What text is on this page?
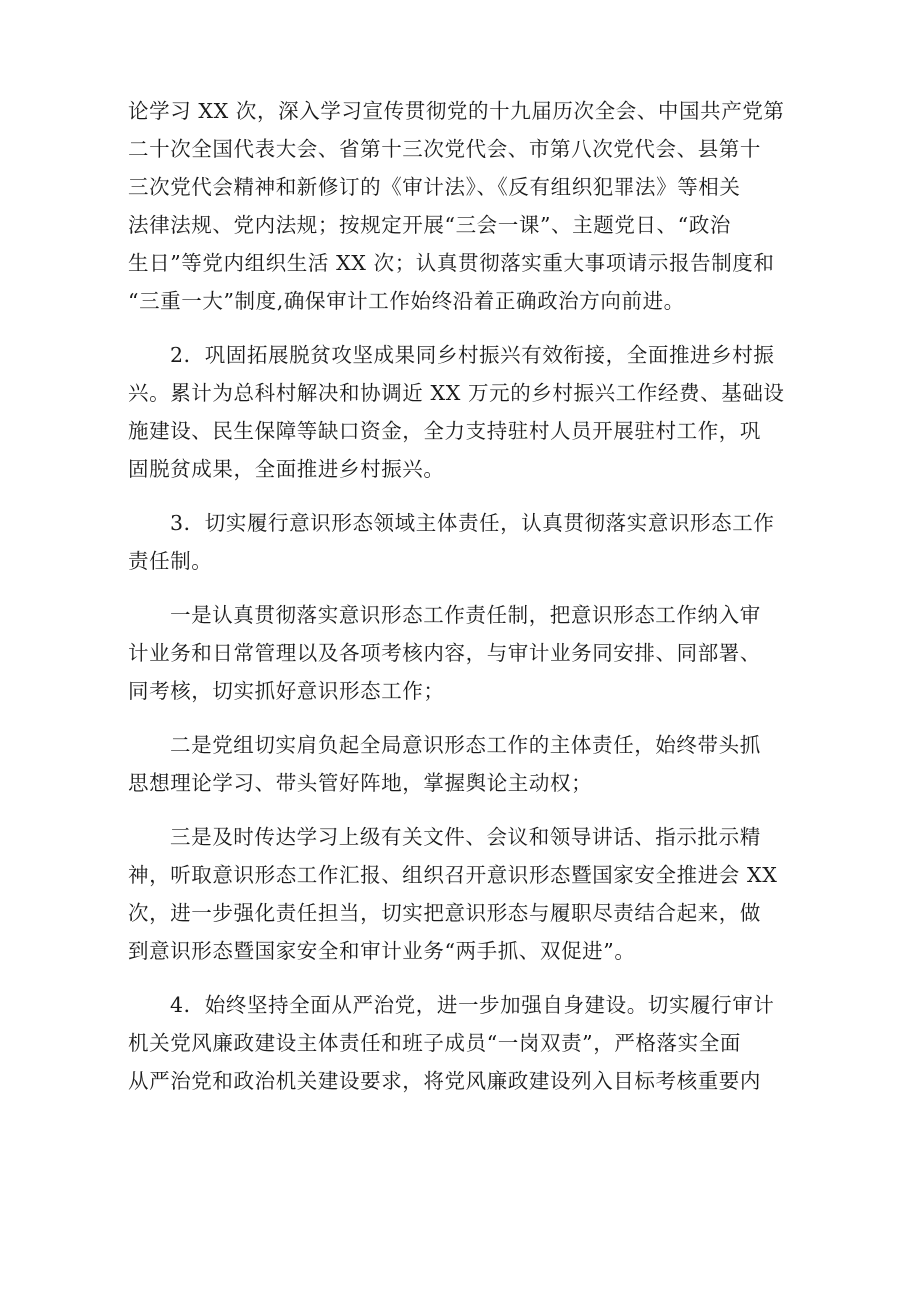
论学习 XX 次，深入学习宣传贯彻党的十九届历次全会、中国共产党第
二十次全国代表大会、省第十三次党代会、市第八次党代会、县第十
三次党代会精神和新修订的《审计法》、《反有组织犯罪法》等相关
法律法规、党内法规；按规定开展“三会一课”、主题党日、“政治
生日”等党内组织生活 XX 次；认真贯彻落实重大事项请示报告制度和
“三重一大”制度,确保审计工作始终沿着正确政治方向前进。
2．巩固拓展脱贫攻坚成果同乡村振兴有效衔接，全面推进乡村振
兴。累计为总科村解决和协调近 XX 万元的乡村振兴工作经费、基础设
施建设、民生保障等缺口资金，全力支持驻村人员开展驻村工作，巩
固脱贫成果，全面推进乡村振兴。
3．切实履行意识形态领域主体责任，认真贯彻落实意识形态工作
责任制。
一是认真贯彻落实意识形态工作责任制，把意识形态工作纳入审
计业务和日常管理以及各项考核内容，与审计业务同安排、同部署、
同考核，切实抓好意识形态工作；
二是党组切实肩负起全局意识形态工作的主体责任，始终带头抓
思想理论学习、带头管好阵地，掌握舆论主动权；
三是及时传达学习上级有关文件、会议和领导讲话、指示批示精
神，听取意识形态工作汇报、组织召开意识形态暨国家安全推进会 XX
次，进一步强化责任担当，切实把意识形态与履职尽责结合起来，做
到意识形态暨国家安全和审计业务“两手抓、双促进”。
4．始终坚持全面从严治党，进一步加强自身建设。切实履行审计
机关党风廉政建设主体责任和班子成员“一岗双责”，严格落实全面
从严治党和政治机关建设要求，将党风廉政建设列入目标考核重要内
